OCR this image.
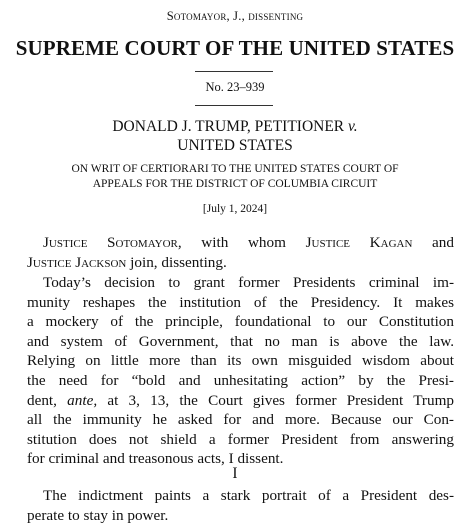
Sotomayor, J., dissenting
SUPREME COURT OF THE UNITED STATES
No. 23–939
DONALD J. TRUMP, PETITIONER v.
UNITED STATES
ON WRIT OF CERTIORARI TO THE UNITED STATES COURT OF
APPEALS FOR THE DISTRICT OF COLUMBIA CIRCUIT
[July 1, 2024]
Justice Sotomayor, with whom Justice Kagan and
Justice Jackson join, dissenting.
Today’s decision to grant former Presidents criminal im-
munity reshapes the institution of the Presidency. It makes
a mockery of the principle, foundational to our Constitution
and system of Government, that no man is above the law.
Relying on little more than its own misguided wisdom about
the need for “bold and unhesitating action” by the Presi-
dent, ante, at 3, 13, the Court gives former President Trump
all the immunity he asked for and more. Because our Con-
stitution does not shield a former President from answering
for criminal and treasonous acts, I dissent.
I
The indictment paints a stark portrait of a President des-
perate to stay in power.
